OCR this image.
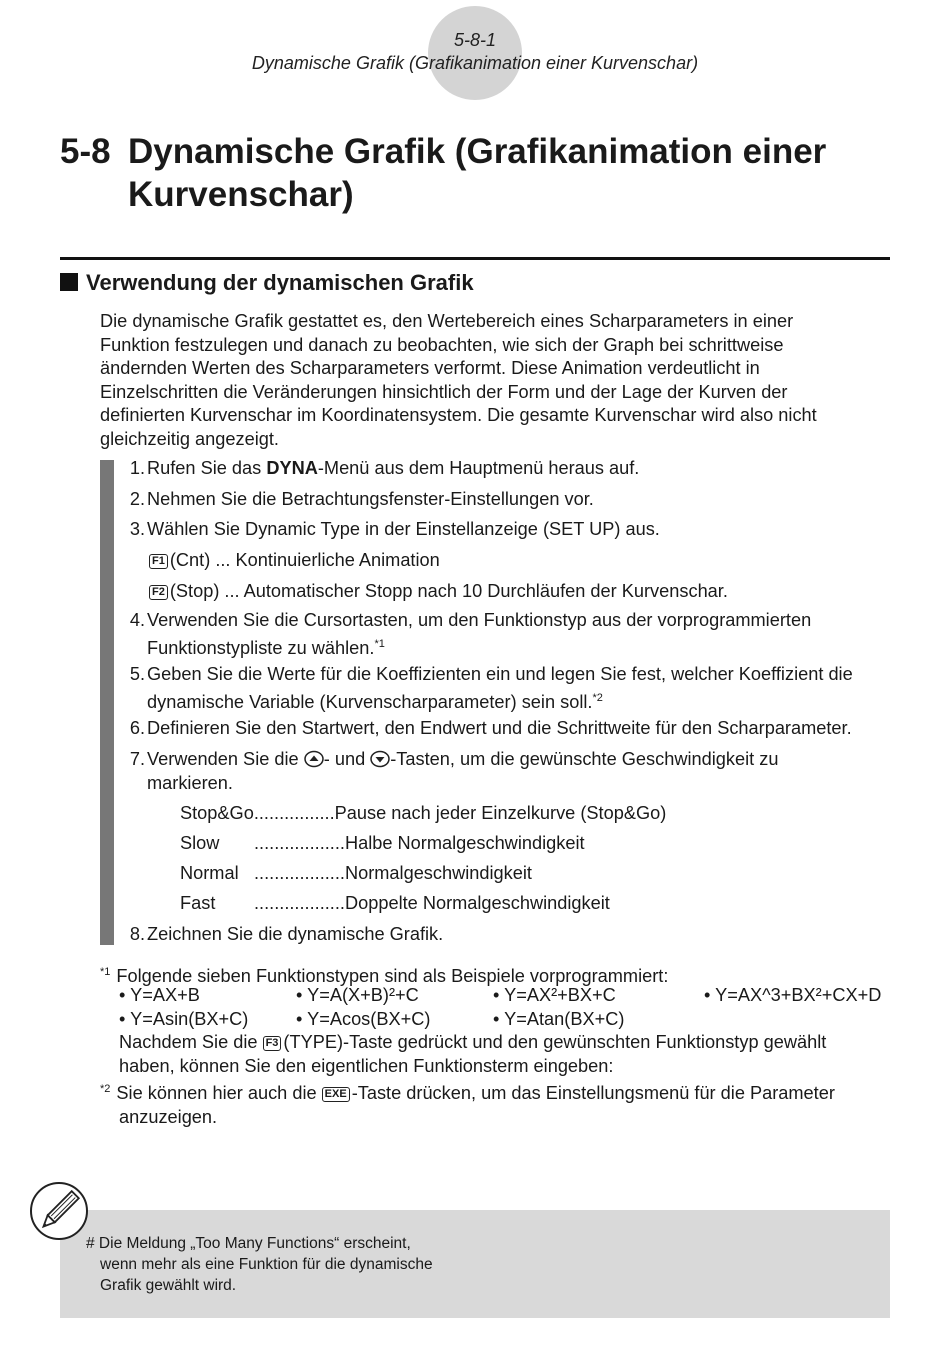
5-8-1
Dynamische Grafik (Grafikanimation einer Kurvenschar)
5-8 Dynamische Grafik (Grafikanimation einer Kurvenschar)
Verwendung der dynamischen Grafik

Die dynamische Grafik gestattet es, den Wertebereich eines Scharparameters in einer

Funktion festzulegen und danach zu beobachten, wie sich der Graph bei schrittweise

ändernden Werten des Scharparameters verformt. Diese Animation verdeutlicht in

Einzelschritten die Veränderungen hinsichtlich der Form und der Lage der Kurven der

definierten Kurvenschar im Koordinatensystem. Die gesamte Kurvenschar wird also nicht

gleichzeitig angezeigt.

1. Rufen Sie das DYNA-Menü aus dem Hauptmenü heraus auf.
2. Nehmen Sie die Betrachtungsfenster-Einstellungen vor.
3. Wählen Sie Dynamic Type in der Einstellanzeige (SET UP) aus.
F1 (Cnt) ... Kontinuierliche Animation
F2 (Stop) ... Automatischer Stopp nach 10 Durchläufen der Kurvenschar.
4. Verwenden Sie die Cursortasten, um den Funktionstyp aus der vorprogrammierten
Funktionstypliste zu wählen.$^{*1}$
5. Geben Sie die Werte für die Koeffizienten ein und legen Sie fest, welcher Koeffizient die
dynamische Variable (Kurvenscharparameter) sein soll.$^{*2}$
6. Definieren Sie den Startwert, den Endwert und die Schrittweite für den Scharparameter.
7. Verwenden Sie die - und -Tasten, um die gewünschte Geschwindigkeit zu
markieren.
Stop&Go................Pause nach jeder Einzelkurve (Stop&Go)
Slow ..................Halbe Normalgeschwindigkeit
Normal ..................Normalgeschwindigkeit
Fast ..................Doppelte Normalgeschwindigkeit
8. Zeichnen Sie die dynamische Grafik.
$^{*1}$ Folgende sieben Funktionstypen sind als Beispiele vorprogrammiert:
• Y=AX+B	• Y=A(X+B)²+C	• Y=AX²+BX+C	• Y=AX^3+BX²+CX+D
• Y=Asin(BX+C)	• Y=Acos(BX+C)	• Y=Atan(BX+C)
Nachdem Sie die F3 (TYPE)-Taste gedrückt und den gewünschten Funktionstyp gewählt
haben, können Sie den eigentlichen Funktionsterm eingeben:
$^{*2}$ Sie können hier auch die EXE -Taste drücken, um das Einstellungsmenü für die Parameter
anzuzeigen.
# Die Meldung „Too Many Functions“ erscheint,
wenn mehr als eine Funktion für die dynamische
Grafik gewählt wird.
